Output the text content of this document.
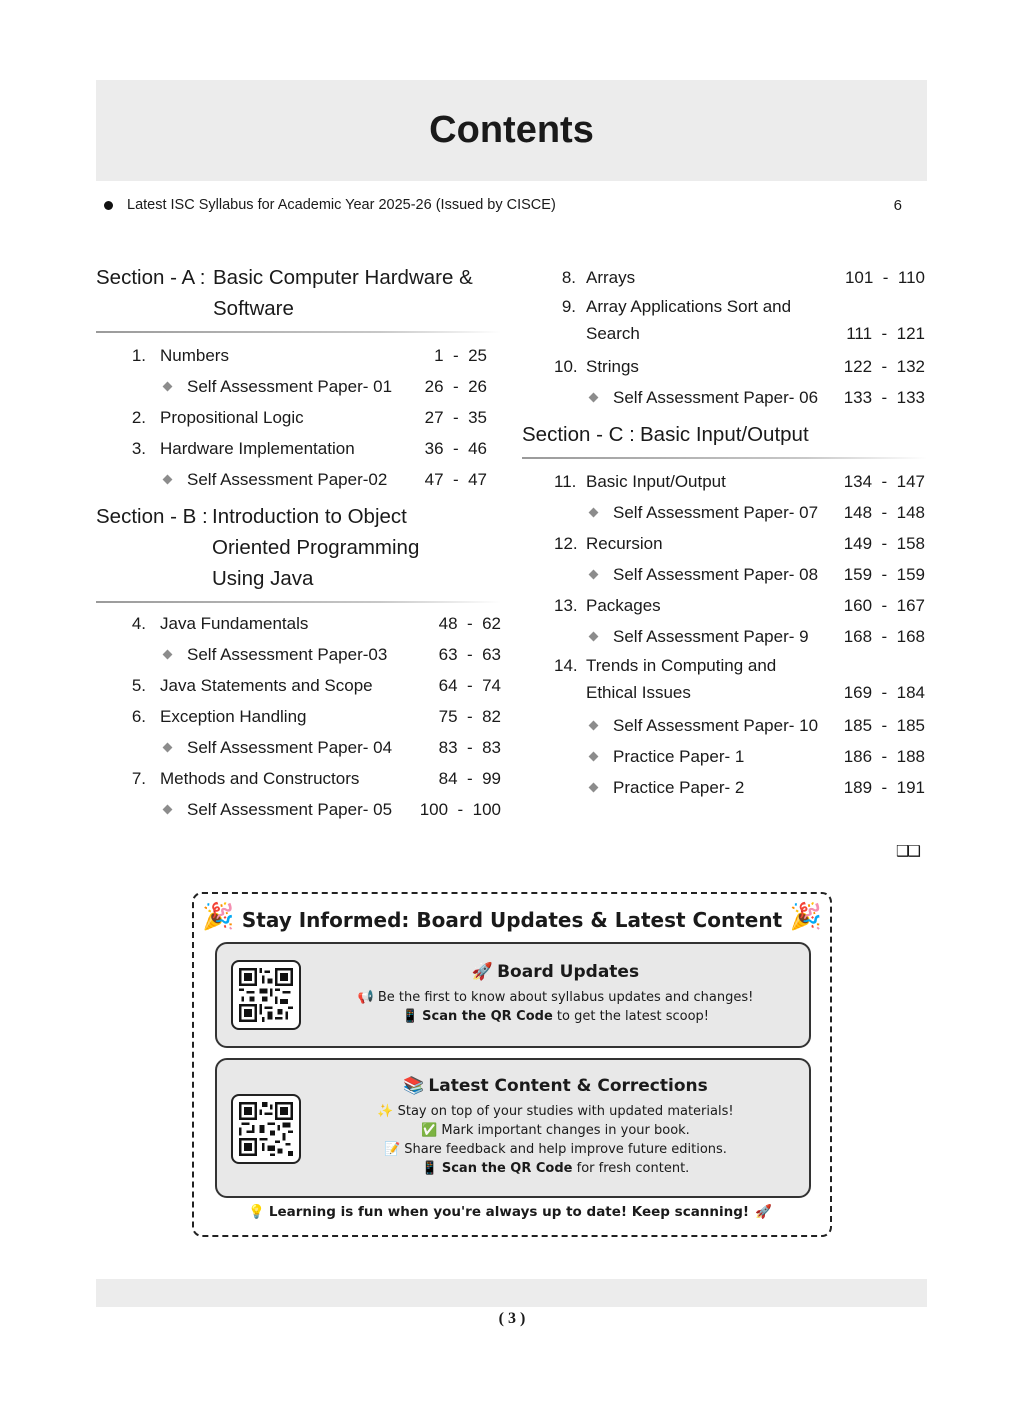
Contents
Latest ISC Syllabus for Academic Year 2025-26 (Issued by CISCE)	6
Section - A : Basic Computer Hardware &
Software
1. Numbers	1  -  25
Self Assessment Paper- 01 26  -  26
2. Propositional Logic	27  -  35
3. Hardware Implementation	36  -  46
Self Assessment Paper-02 47  -  47
Section - B : Introduction to Object
Oriented Programming
Using Java
4. Java Fundamentals	48  -  62
Self Assessment Paper-03	63  -  63
5. Java Statements and Scope	64  -  74
6. Exception Handling	75  -  82
Self Assessment Paper- 04	83  -  83
7. Methods and Constructors	84  -  99
Self Assessment Paper- 05 100  -  100
8. Arrays	101  -  110
9. Array Applications Sort and
Search	111  -  121
10. Strings	122  -  132
Self Assessment Paper- 06 133  -  133
Section - C : Basic Input/Output
11. Basic Input/Output	134  -  147
Self Assessment Paper- 07 148  -  148
12. Recursion	149  -  158
Self Assessment Paper- 08 159  -  159
13. Packages	160  -  167
Self Assessment Paper- 9 168  -  168
14. Trends in Computing and
Ethical Issues	169  -  184
Self Assessment Paper- 10 185  -  185
Practice Paper- 1	186  -  188
Practice Paper- 2	189  -  191
❑❑
🎉 Stay Informed: Board Updates & Latest Content 🎉
🚀 Board Updates
📢 Be the first to know about syllabus updates and changes!
📱 Scan the QR Code to get the latest scoop!
📚 Latest Content & Corrections
✨ Stay on top of your studies with updated materials!
✅ Mark important changes in your book.
📝 Share feedback and help improve future editions.
📱 Scan the QR Code for fresh content.
💡 Learning is fun when you're always up to date! Keep scanning! 🚀
( 3 )
